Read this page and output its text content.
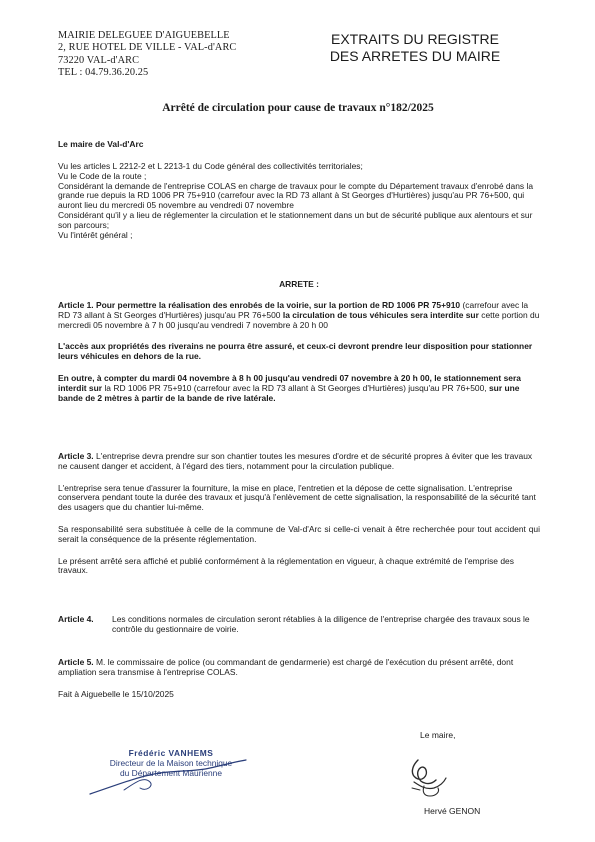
MAIRIE DELEGUEE D'AIGUEBELLE
2, RUE HOTEL DE VILLE - VAL-d'ARC
73220 VAL-d'ARC
TEL : 04.79.36.20.25
EXTRAITS DU REGISTRE
DES ARRETES DU MAIRE
Arrêté de circulation pour cause de travaux n°182/2025
Le maire de Val-d'Arc

Vu les articles L 2212-2 et L 2213-1 du Code général des collectivités territoriales;

Vu le Code de la route ;

Considérant la demande de l'entreprise COLAS en charge de travaux pour le compte du Département travaux d'enrobé dans la grande rue depuis la RD 1006 PR 75+910 (carrefour avec la RD 73 allant à St Georges d'Hurtières) jusqu'au PR 76+500, qui auront lieu du mercredi 05 novembre au vendredi 07 novembre

Considérant qu'il y a lieu de réglementer la circulation et le stationnement dans un but de sécurité publique aux alentours et sur son parcours;

Vu l'intérêt général ;

ARRETE :

Article 1. Pour permettre la réalisation des enrobés de la voirie, sur la portion de RD 1006 PR 75+910 (carrefour avec la RD 73 allant à St Georges d'Hurtières) jusqu'au PR 76+500 la circulation de tous véhicules sera interdite sur cette portion du mercredi 05 novembre à 7 h 00 jusqu'au vendredi 7 novembre à 20 h 00

L'accès aux propriétés des riverains ne pourra être assuré, et ceux-ci devront prendre leur disposition pour stationner leurs véhicules en dehors de la rue.

En outre, à compter du mardi 04 novembre à 8 h 00 jusqu'au vendredi 07 novembre à 20 h 00, le stationnement sera interdit sur la RD 1006 PR 75+910 (carrefour avec la RD 73 allant à St Georges d'Hurtières) jusqu'au PR 76+500, sur une bande de 2 mètres à partir de la bande de rive latérale.

Article 3. L'entreprise devra prendre sur son chantier toutes les mesures d'ordre et de sécurité propres à éviter que les travaux ne causent danger et accident, à l'égard des tiers, notamment pour la circulation publique.

L'entreprise sera tenue d'assurer la fourniture, la mise en place, l'entretien et la dépose de cette signalisation. L'entreprise conservera pendant toute la durée des travaux et jusqu'à l'enlèvement de cette signalisation, la responsabilité de la sécurité tant des usagers que du chantier lui-même.

Sa responsabilité sera substituée à celle de la commune de Val-d'Arc si celle-ci venait à être recherchée pour tout accident qui serait la conséquence de la présente réglementation.

Le présent arrêté sera affiché et publié conformément à la réglementation en vigueur, à chaque extrémité de l'emprise des travaux.

Article 4. Les conditions normales de circulation seront rétablies à la diligence de l'entreprise chargée des travaux sous le contrôle du gestionnaire de voirie.

Article 5. M. le commissaire de police (ou commandant de gendarmerie) est chargé de l'exécution du présent arrêté, dont ampliation sera transmise à l'entreprise COLAS.

Fait à Aiguebelle le 15/10/2025
Le maire,
Hervé GENON
Frédéric VANHEMS
Directeur de la Maison technique
du Département Maurienne
